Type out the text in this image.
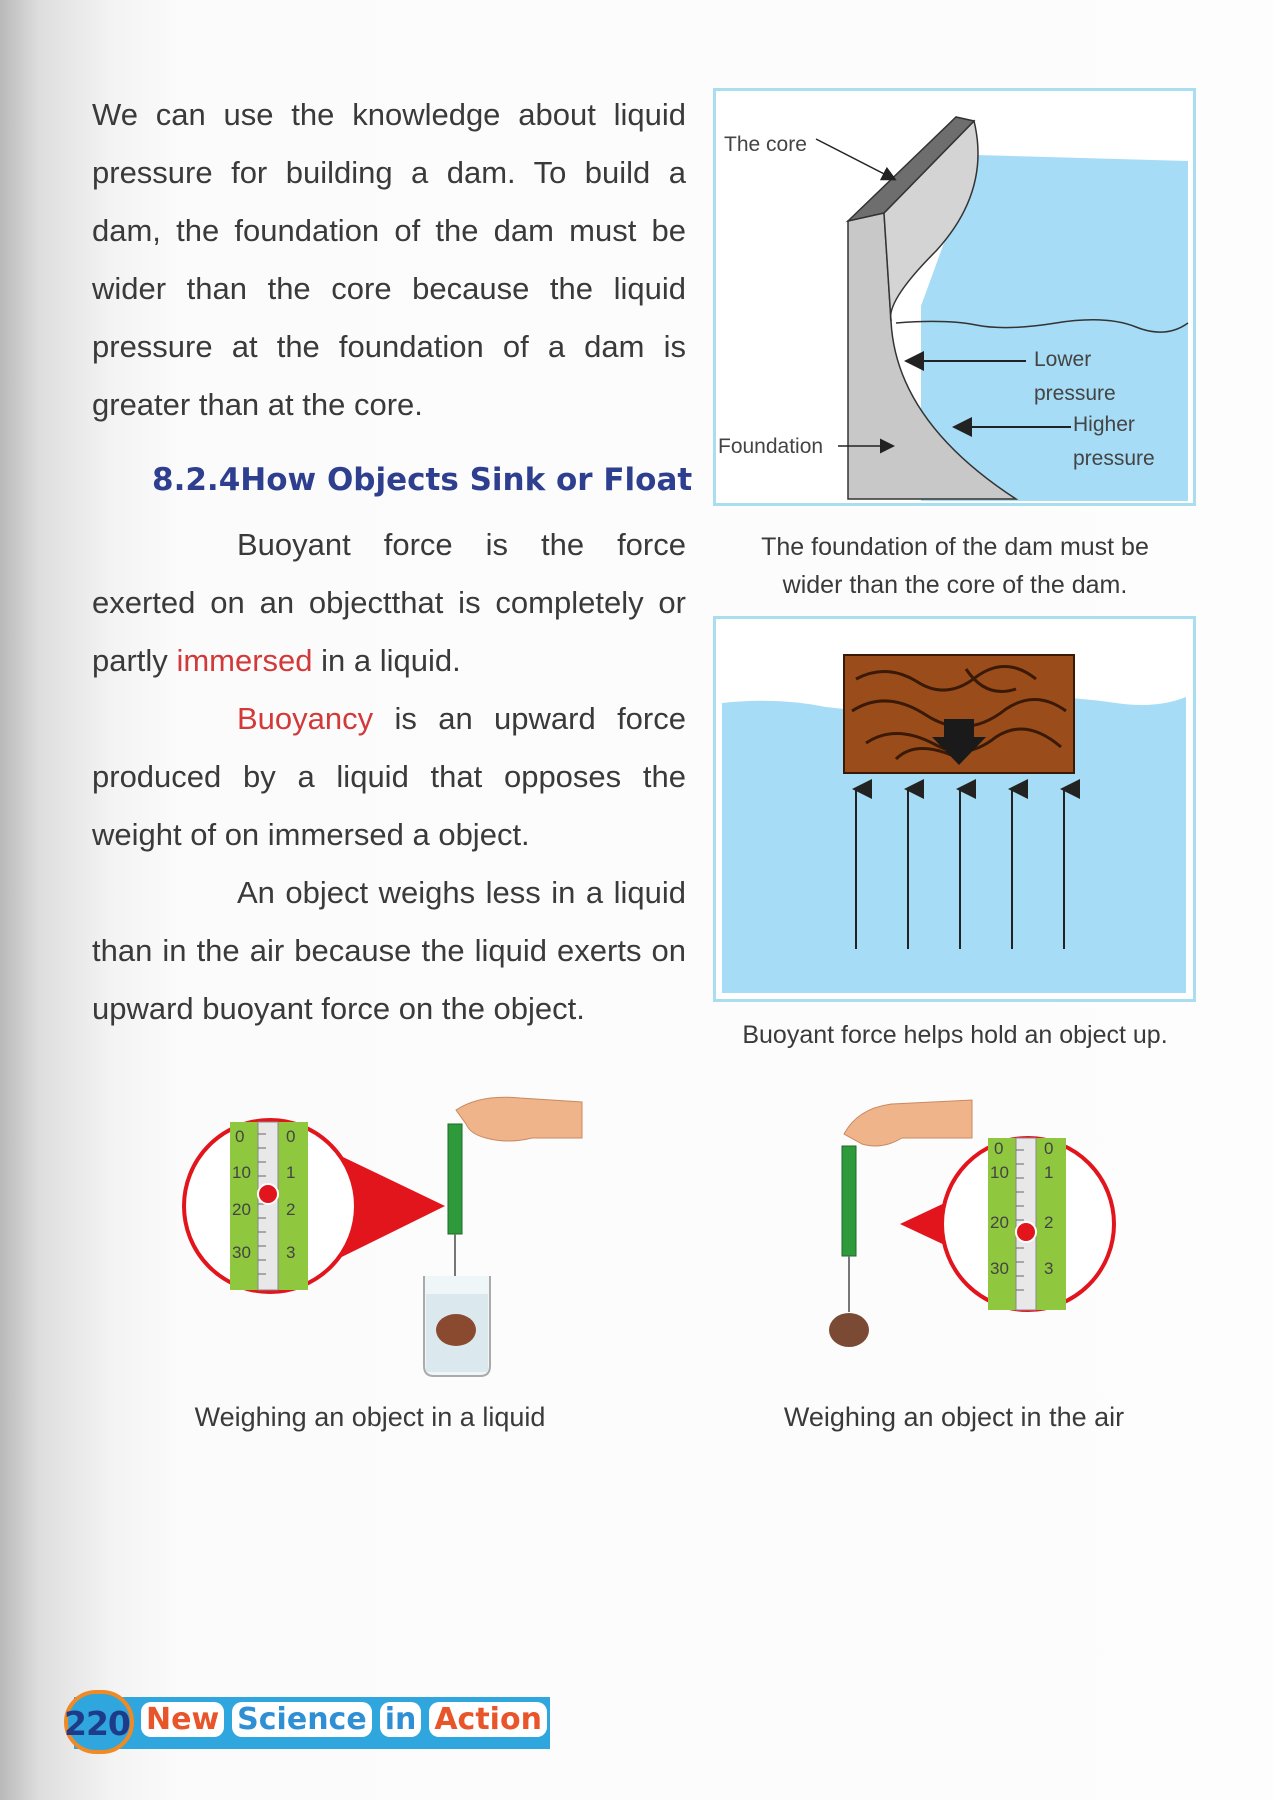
We can use the knowledge about liquid pressure for building a dam. To build a dam, the foundation of the dam must be wider than the core because the liquid pressure at the foundation of a dam is greater than at the core.

8.2.4How Objects Sink or Float

Buoyant force is the force exerted on an objectthat is completely or partly immersed in a liquid.

Buoyancy is an upward force produced by a liquid that opposes the weight of on immersed a object.

An object weighs less in a liquid than in the air because the liquid exerts on upward buoyant force on the object.

The core
Foundation
Lower
pressure
Higher
pressure
The foundation of the dam must be
wider than the core of the dam.
Buoyant force helps hold an object up.
0
10
20
30
0
1
2
3
Weighing an object in a liquid
0
10
20
30
0
1
2
3
Weighing an object in the air
220 New Science in Action
